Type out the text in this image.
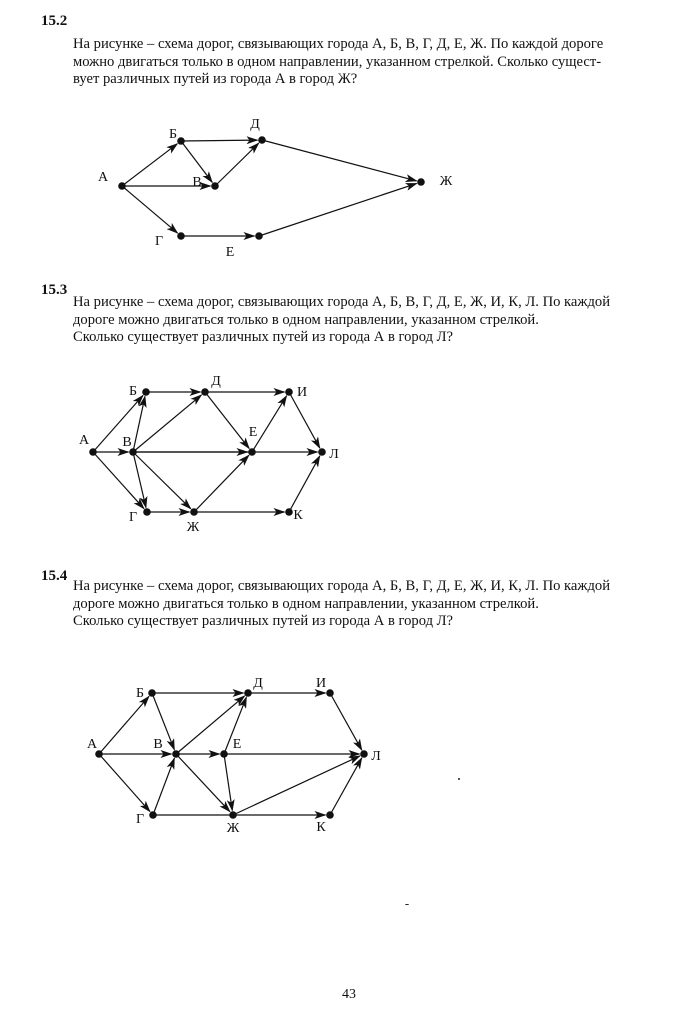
15.2
На рисунке – схема дорог, связывающих города А, Б, В, Г, Д, Е, Ж. По каждой дороге
можно двигаться только в одном направлении, указанном стрелкой. Сколько сущест-
вует различных путей из города А в город Ж?
А
Б
В
Г
Д
Е
Ж
15.3
На рисунке – схема дорог, связывающих города А, Б, В, Г, Д, Е, Ж, И, К, Л. По каждой
дороге можно двигаться только в одном направлении, указанном стрелкой.
Сколько существует различных путей из города А в город Л?
А
Б
В
Г
Д
Е
Ж
И
К
Л
15.4
На рисунке – схема дорог, связывающих города А, Б, В, Г, Д, Е, Ж, И, К, Л. По каждой
дороге можно двигаться только в одном направлении, указанном стрелкой.
Сколько существует различных путей из города А в город Л?
А
Б
В
Г
Д
Е
Ж
И
К
Л
43
